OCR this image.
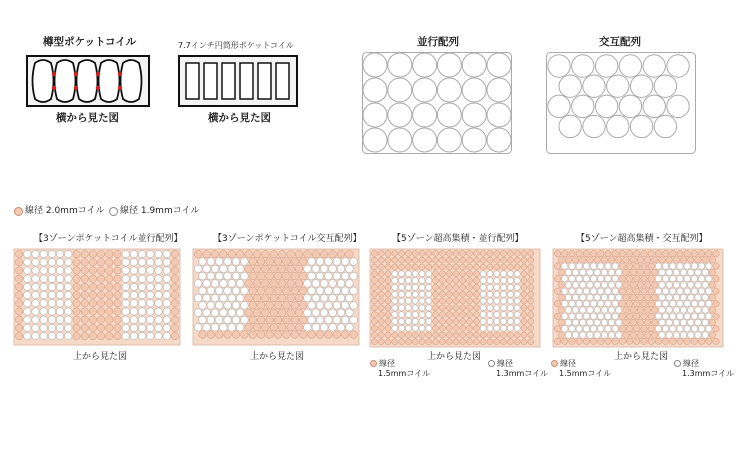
樽型ポケットコイル
横から見た図
7.7インチ円筒形ポケットコイル
横から見た図
並行配列	交互配列
線径 2.0mmコイル 線径 1.9mmコイル
【3ゾーンポケットコイル並行配列】
上から見た図
【3ゾーンポケットコイル交互配列】
上から見た図
【5ゾーン超高集積・並行配列】
上から見た図
線径
1.5mmコイル
線径
1.3mmコイル
【5ゾーン超高集積・交互配列】
上から見た図
線径
1.5mmコイル
線径
1.3mmコイル
